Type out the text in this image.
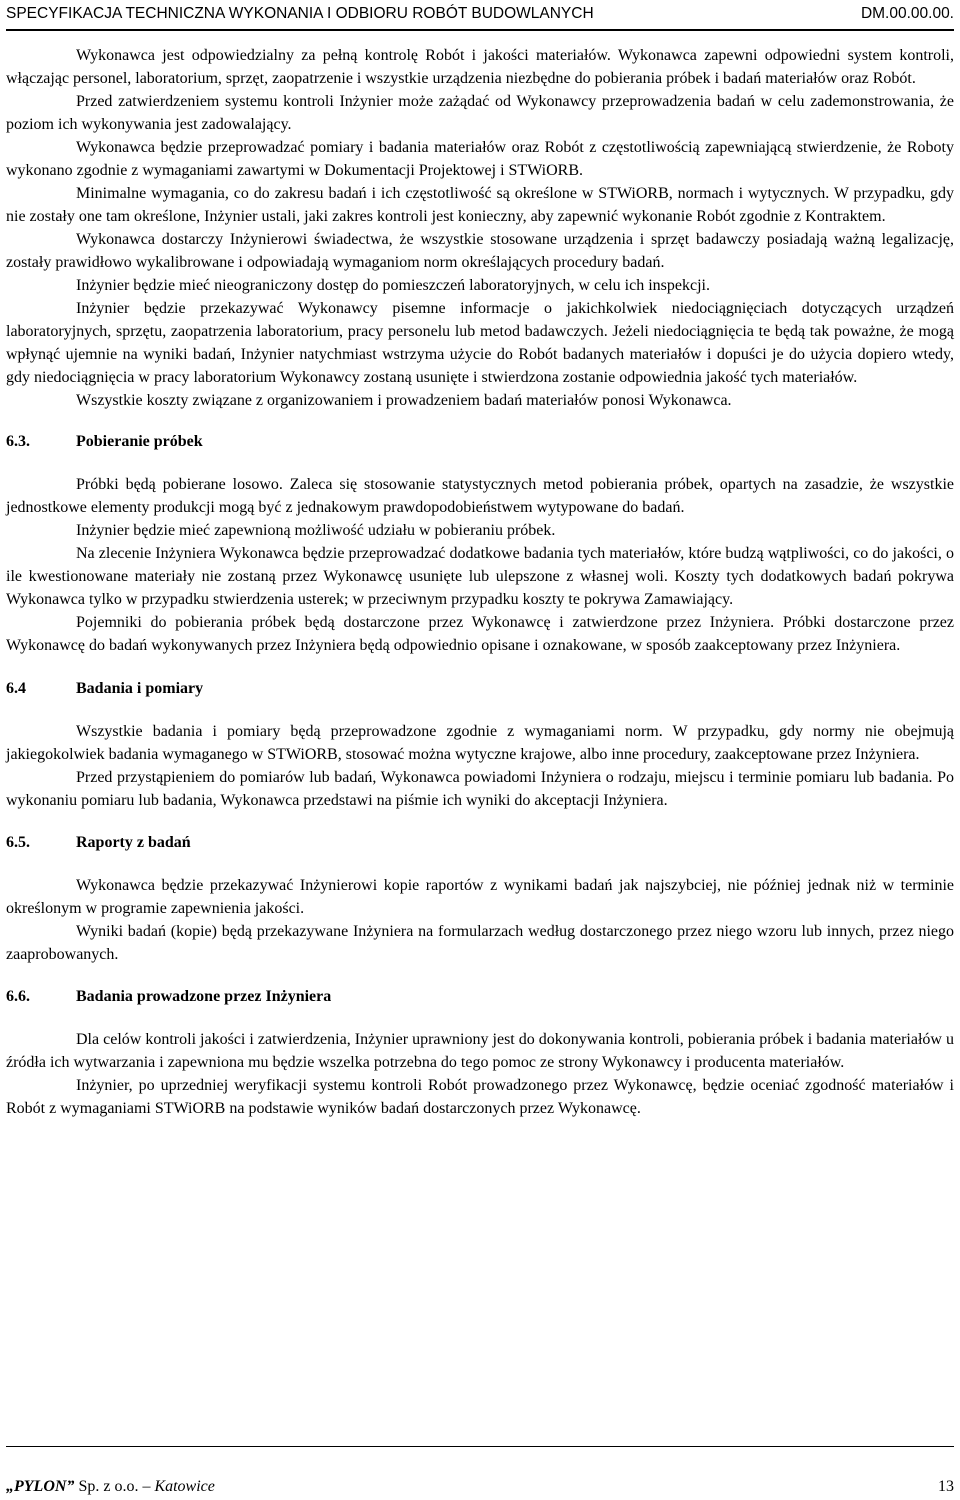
SPECYFIKACJA TECHNICZNA WYKONANIA I ODBIORU ROBÓT BUDOWLANYCH	DM.00.00.00.

Wykonawca jest odpowiedzialny za pełną kontrolę Robót i jakości materiałów. Wykonawca zapewni odpowiedni system kontroli, włączając personel, laboratorium, sprzęt, zaopatrzenie i wszystkie urządzenia niezbędne do pobierania próbek i badań materiałów oraz Robót.

Przed zatwierdzeniem systemu kontroli Inżynier może zażądać od Wykonawcy przeprowadzenia badań w celu zademonstrowania, że poziom ich wykonywania jest zadowalający.

Wykonawca będzie przeprowadzać pomiary i badania materiałów oraz Robót z częstotliwością zapewniającą stwierdzenie, że Roboty wykonano zgodnie z wymaganiami zawartymi w Dokumentacji Projektowej i STWiORB.

Minimalne wymagania, co do zakresu badań i ich częstotliwość są określone w STWiORB, normach i wytycznych. W przypadku, gdy nie zostały one tam określone, Inżynier ustali, jaki zakres kontroli jest konieczny, aby zapewnić wykonanie Robót zgodnie z Kontraktem.

Wykonawca dostarczy Inżynierowi świadectwa, że wszystkie stosowane urządzenia i sprzęt badawczy posiadają ważną legalizację, zostały prawidłowo wykalibrowane i odpowiadają wymaganiom norm określających procedury badań.

Inżynier będzie mieć nieograniczony dostęp do pomieszczeń laboratoryjnych, w celu ich inspekcji.

Inżynier będzie przekazywać Wykonawcy pisemne informacje o jakichkolwiek niedociągnięciach dotyczących urządzeń laboratoryjnych, sprzętu, zaopatrzenia laboratorium, pracy personelu lub metod badawczych. Jeżeli niedociągnięcia te będą tak poważne, że mogą wpłynąć ujemnie na wyniki badań, Inżynier natychmiast wstrzyma użycie do Robót badanych materiałów i dopuści je do użycia dopiero wtedy, gdy niedociągnięcia w pracy laboratorium Wykonawcy zostaną usunięte i stwierdzona zostanie odpowiednia jakość tych materiałów.

Wszystkie koszty związane z organizowaniem i prowadzeniem badań materiałów ponosi Wykonawca.

6.3.	Pobieranie próbek

Próbki będą pobierane losowo. Zaleca się stosowanie statystycznych metod pobierania próbek, opartych na zasadzie, że wszystkie jednostkowe elementy produkcji mogą być z jednakowym prawdopodobieństwem wytypowane do badań.

Inżynier będzie mieć zapewnioną możliwość udziału w pobieraniu próbek.

Na zlecenie Inżyniera Wykonawca będzie przeprowadzać dodatkowe badania tych materiałów, które budzą wątpliwości, co do jakości, o ile kwestionowane materiały nie zostaną przez Wykonawcę usunięte lub ulepszone z własnej woli. Koszty tych dodatkowych badań pokrywa Wykonawca tylko w przypadku stwierdzenia usterek; w przeciwnym przypadku koszty te pokrywa Zamawiający.

Pojemniki do pobierania próbek będą dostarczone przez Wykonawcę i zatwierdzone przez Inżyniera. Próbki dostarczone przez Wykonawcę do badań wykonywanych przez Inżyniera będą odpowiednio opisane i oznakowane, w sposób zaakceptowany przez Inżyniera.

6.4	Badania i pomiary

Wszystkie badania i pomiary będą przeprowadzone zgodnie z wymaganiami norm. W przypadku, gdy normy nie obejmują jakiegokolwiek badania wymaganego w STWiORB, stosować można wytyczne krajowe, albo inne procedury, zaakceptowane przez Inżyniera.

Przed przystąpieniem do pomiarów lub badań, Wykonawca powiadomi Inżyniera o rodzaju, miejscu i terminie pomiaru lub badania. Po wykonaniu pomiaru lub badania, Wykonawca przedstawi na piśmie ich wyniki do akceptacji Inżyniera.

6.5.	Raporty z badań

Wykonawca będzie przekazywać Inżynierowi kopie raportów z wynikami badań jak najszybciej, nie później jednak niż w terminie określonym w programie zapewnienia jakości.

Wyniki badań (kopie) będą przekazywane Inżyniera na formularzach według dostarczonego przez niego wzoru lub innych, przez niego zaaprobowanych.

6.6.	Badania prowadzone przez Inżyniera

Dla celów kontroli jakości i zatwierdzenia, Inżynier uprawniony jest do dokonywania kontroli, pobierania próbek i badania materiałów u źródła ich wytwarzania i zapewniona mu będzie wszelka potrzebna do tego pomoc ze strony Wykonawcy i producenta materiałów.

Inżynier, po uprzedniej weryfikacji systemu kontroli Robót prowadzonego przez Wykonawcę, będzie oceniać zgodność materiałów i Robót z wymaganiami STWiORB na podstawie wyników badań dostarczonych przez Wykonawcę.

„PYLON” Sp. z o.o. – Katowice	13
